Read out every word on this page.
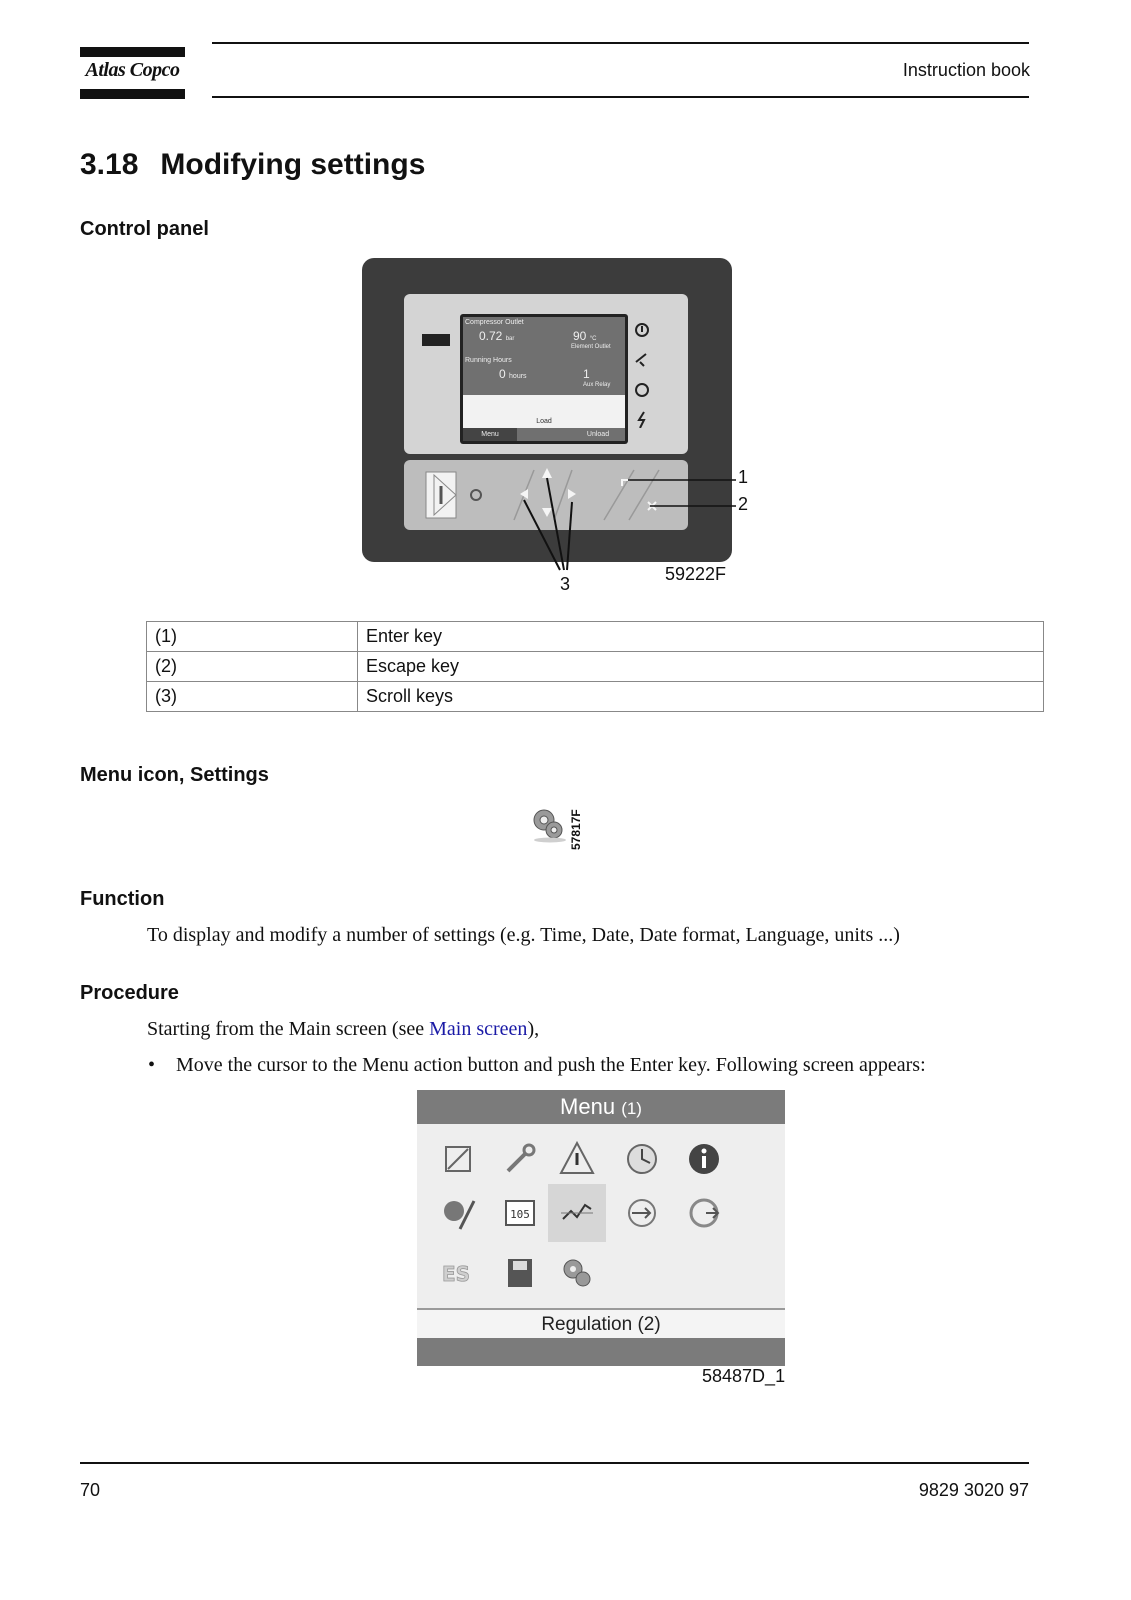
Atlas Copco	Instruction book
3.18 Modifying settings
Control panel
Compressor Outlet
0.72 bar	90 °C
Element Outlet
Running Hours
0 hours	1
Aux Relay
Load
Menu	Unload
1
2
3	59222F
(1)	Enter key
(2)	Escape key
(3)	Scroll keys
Menu icon, Settings
57817F
Function
To display and modify a number of settings (e.g. Time, Date, Date format, Language, units ...)
Procedure
Starting from the Main screen (see Main screen),
• Move the cursor to the Menu action button and push the Enter key. Following screen appears:
Menu (1)
105
ES
Regulation (2)
58487D_1
70	9829 3020 97
